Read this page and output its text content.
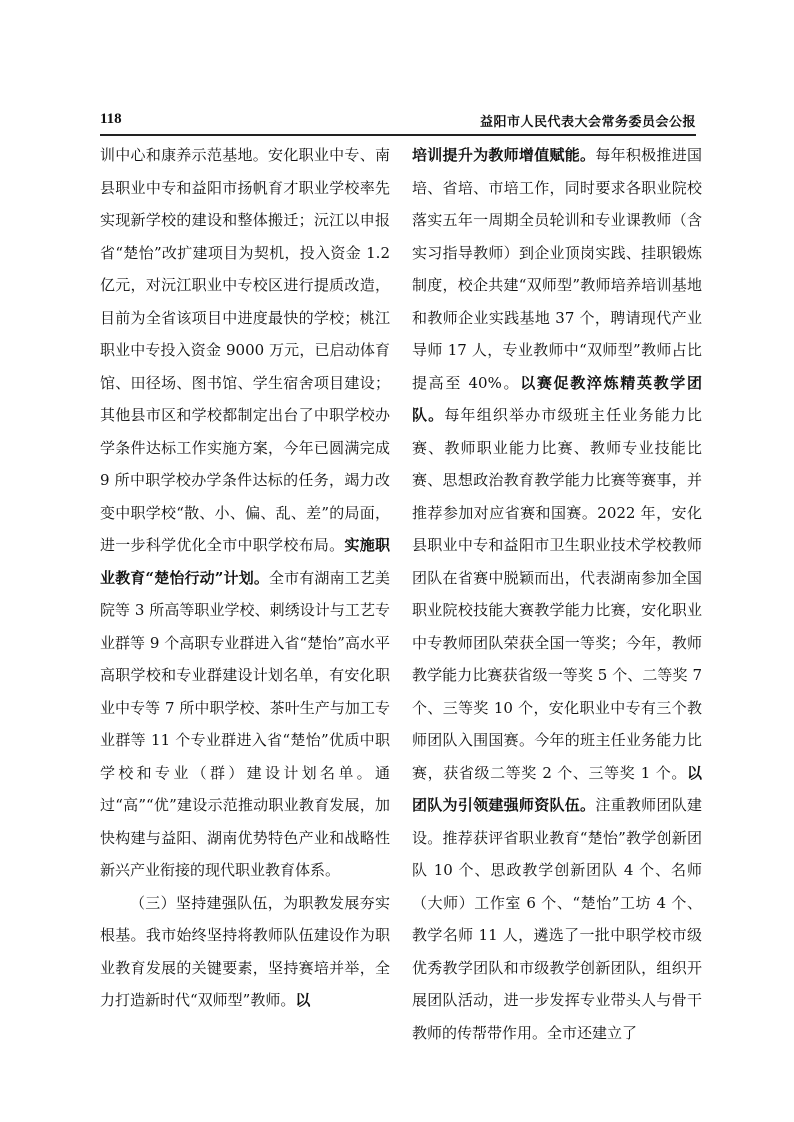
118	益阳市人民代表大会常务委员会公报

训中心和康养示范基地。安化职业中专、南县职业中专和益阳市扬帆育才职业学校率先实现新学校的建设和整体搬迁；沅江以申报省“楚怡”改扩建项目为契机，投入资金 1.2 亿元，对沅江职业中专校区进行提质改造，目前为全省该项目中进度最快的学校；桃江职业中专投入资金 9000 万元，已启动体育馆、田径场、图书馆、学生宿舍项目建设；其他县市区和学校都制定出台了中职学校办学条件达标工作实施方案，今年已圆满完成 9 所中职学校办学条件达标的任务，竭力改变中职学校“散、小、偏、乱、差”的局面，进一步科学优化全市中职学校布局。实施职业教育“楚怡行动”计划。全市有湖南工艺美院等 3 所高等职业学校、刺绣设计与工艺专业群等 9 个高职专业群进入省“楚怡”高水平高职学校和专业群建设计划名单，有安化职业中专等 7 所中职学校、茶叶生产与加工专业群等 11 个专业群进入省“楚怡”优质中职学校和专业（群）建设计划名单。通过“高”“优”建设示范推动职业教育发展，加快构建与益阳、湖南优势特色产业和战略性新兴产业衔接的现代职业教育体系。

（三）坚持建强队伍，为职教发展夯实根基。我市始终坚持将教师队伍建设作为职业教育发展的关键要素，坚持赛培并举，全力打造新时代“双师型”教师。以

培训提升为教师增值赋能。每年积极推进国培、省培、市培工作，同时要求各职业院校落实五年一周期全员轮训和专业课教师（含实习指导教师）到企业顶岗实践、挂职锻炼制度，校企共建“双师型”教师培养培训基地和教师企业实践基地 37 个，聘请现代产业导师 17 人，专业教师中“双师型”教师占比提高至 40%。以赛促教淬炼精英教学团队。每年组织举办市级班主任业务能力比赛、教师职业能力比赛、教师专业技能比赛、思想政治教育教学能力比赛等赛事，并推荐参加对应省赛和国赛。2022 年，安化县职业中专和益阳市卫生职业技术学校教师团队在省赛中脱颖而出，代表湖南参加全国职业院校技能大赛教学能力比赛，安化职业中专教师团队荣获全国一等奖；今年，教师教学能力比赛获省级一等奖 5 个、二等奖 7 个、三等奖 10 个，安化职业中专有三个教师团队入围国赛。今年的班主任业务能力比赛，获省级二等奖 2 个、三等奖 1 个。以团队为引领建强师资队伍。注重教师团队建设。推荐获评省职业教育“楚怡”教学创新团队 10 个、思政教学创新团队 4 个、名师（大师）工作室 6 个、“楚怡”工坊 4 个、教学名师 11 人，遴选了一批中职学校市级优秀教学团队和市级教学创新团队，组织开展团队活动，进一步发挥专业带头人与骨干教师的传帮带作用。全市还建立了
